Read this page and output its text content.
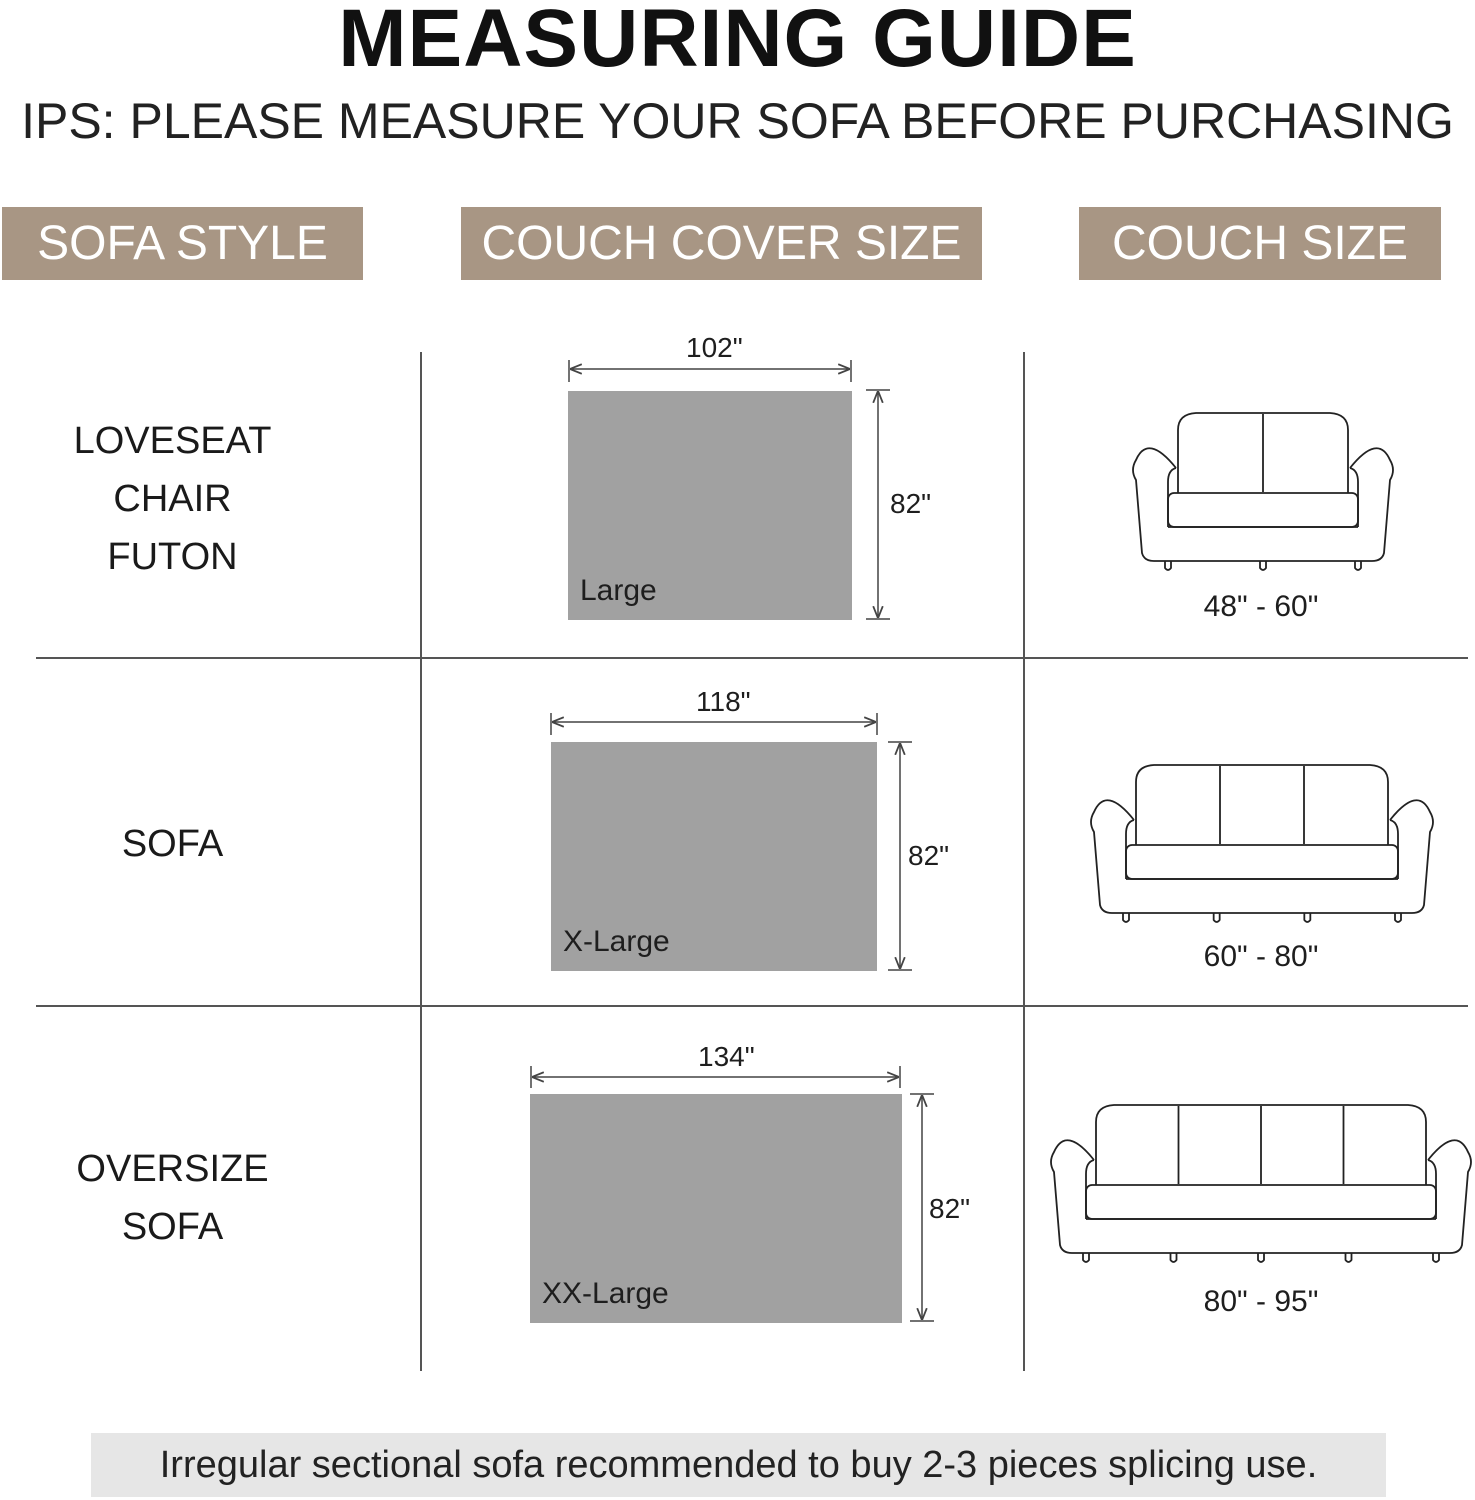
MEASURING GUIDE
IPS: PLEASE MEASURE YOUR SOFA BEFORE PURCHASING
SOFA STYLE	COUCH COVER SIZE	COUCH SIZE
LOVESEAT
CHAIR
FUTON
Large
102"
82"
SOFA
X-Large
118"
82"
OVERSIZE
SOFA
XX-Large
134"
82"
48" - 60"
60" - 80"
80" - 95"
Irregular sectional sofa recommended to buy 2-3 pieces splicing use.
